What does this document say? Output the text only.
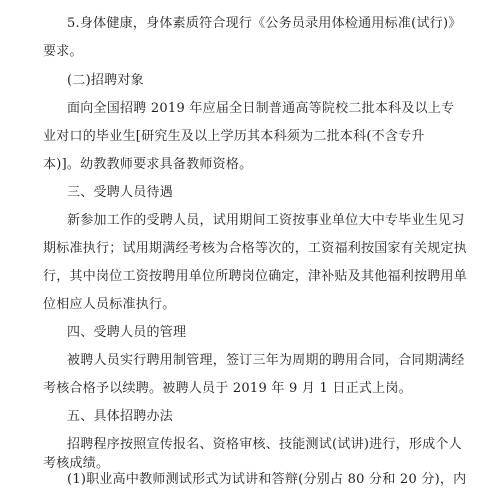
5.身体健康，身体素质符合现行《公务员录用体检通用标准(试行)》
要求。
(二)招聘对象
面向全国招聘 2019 年应届全日制普通高等院校二批本科及以上专
业对口的毕业生[研究生及以上学历其本科须为二批本科(不含专升
本)]。幼教教师要求具备教师资格。
三、受聘人员待遇
新参加工作的受聘人员，试用期间工资按事业单位大中专毕业生见习
期标准执行；试用期满经考核为合格等次的，工资福利按国家有关规定执
行，其中岗位工资按聘用单位所聘岗位确定，津补贴及其他福利按聘用单
位相应人员标准执行。
四、受聘人员的管理
被聘人员实行聘用制管理，签订三年为周期的聘用合同，合同期满经
考核合格予以续聘。被聘人员于 2019 年 9 月 1 日正式上岗。
五、具体招聘办法
招聘程序按照宣传报名、资格审核、技能测试(试讲)进行，形成个人
考核成绩。
(1)职业高中教师测试形式为试讲和答辩(分别占 80 分和 20 分)，内
